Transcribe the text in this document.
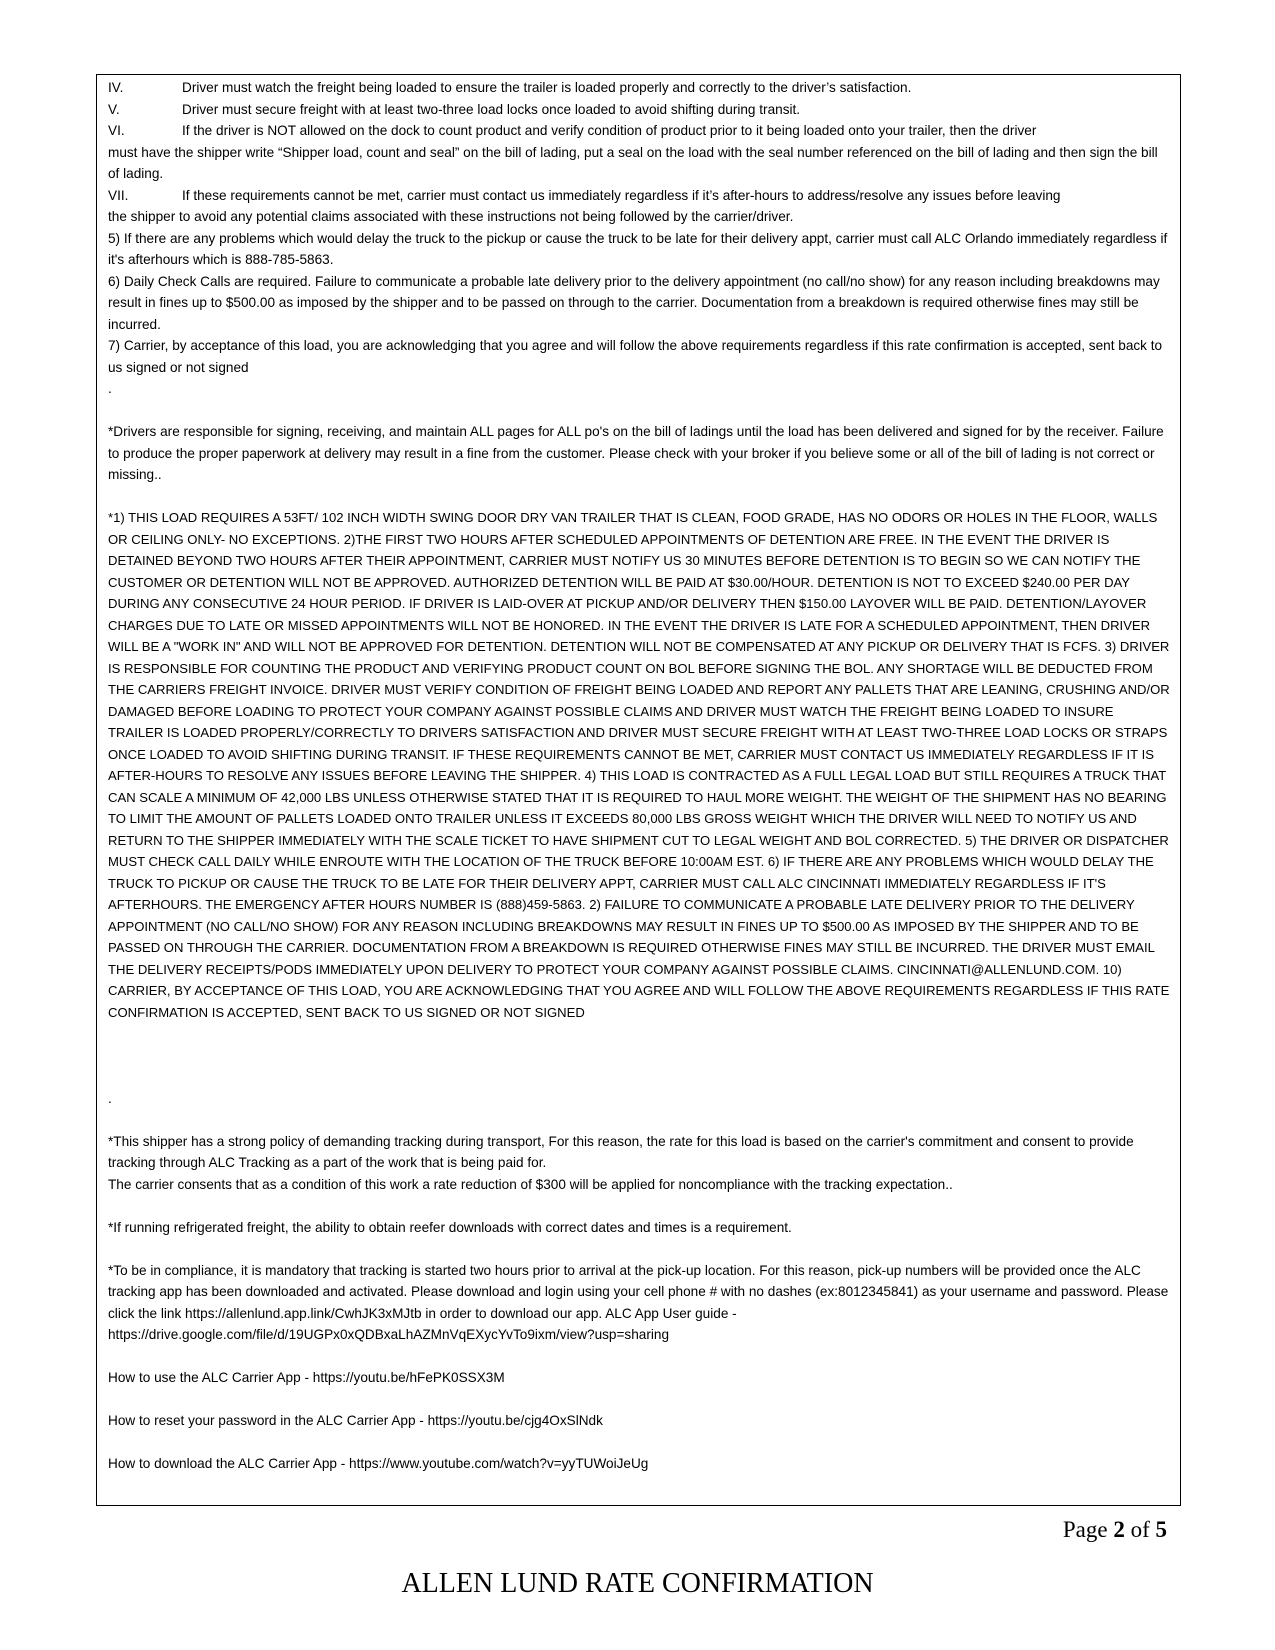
IV.	Driver must watch the freight being loaded to ensure the trailer is loaded properly and correctly to the driver’s satisfaction.
V.	Driver must secure freight with at least two-three load locks once loaded to avoid shifting during transit.
VI.	If the driver is NOT allowed on the dock to count product and verify condition of product prior to it being loaded onto your trailer, then the driver

must have the shipper write “Shipper load, count and seal” on the bill of lading, put a seal on the load with the seal number referenced on the bill of lading and then sign the bill of lading.

VII.	If these requirements cannot be met, carrier must contact us immediately regardless if it’s after-hours to address/resolve any issues before leaving

the shipper to avoid any potential claims associated with these instructions not being followed by the carrier/driver.

5) If there are any problems which would delay the truck to the pickup or cause the truck to be late for their delivery appt, carrier must call ALC Orlando immediately regardless if it's afterhours which is 888-785-5863.

6) Daily Check Calls are required. Failure to communicate a probable late delivery prior to the delivery appointment (no call/no show) for any reason including breakdowns may result in fines up to $500.00 as imposed by the shipper and to be passed on through to the carrier. Documentation from a breakdown is required otherwise fines may still be incurred.

7) Carrier, by acceptance of this load, you are acknowledging that you agree and will follow the above requirements regardless if this rate confirmation is accepted, sent back to us signed or not signed

.

*Drivers are responsible for signing, receiving, and maintain ALL pages for ALL po's on the bill of ladings until the load has been delivered and signed for by the receiver. Failure to produce the proper paperwork at delivery may result in a fine from the customer. Please check with your broker if you believe some or all of the bill of lading is not correct or missing..

*1) THIS LOAD REQUIRES A 53FT/ 102 INCH WIDTH SWING DOOR DRY VAN TRAILER THAT IS CLEAN, FOOD GRADE, HAS NO ODORS OR HOLES IN THE FLOOR, WALLS OR CEILING ONLY- NO EXCEPTIONS. 2)THE FIRST TWO HOURS AFTER SCHEDULED APPOINTMENTS OF DETENTION ARE FREE. IN THE EVENT THE DRIVER IS DETAINED BEYOND TWO HOURS AFTER THEIR APPOINTMENT, CARRIER MUST NOTIFY US 30 MINUTES BEFORE DETENTION IS TO BEGIN SO WE CAN NOTIFY THE CUSTOMER OR DETENTION WILL NOT BE APPROVED. AUTHORIZED DETENTION WILL BE PAID AT $30.00/HOUR. DETENTION IS NOT TO EXCEED $240.00 PER DAY DURING ANY CONSECUTIVE 24 HOUR PERIOD. IF DRIVER IS LAID-OVER AT PICKUP AND/OR DELIVERY THEN $150.00 LAYOVER WILL BE PAID. DETENTION/LAYOVER CHARGES DUE TO LATE OR MISSED APPOINTMENTS WILL NOT BE HONORED. IN THE EVENT THE DRIVER IS LATE FOR A SCHEDULED APPOINTMENT, THEN DRIVER WILL BE A "WORK IN" AND WILL NOT BE APPROVED FOR DETENTION. DETENTION WILL NOT BE COMPENSATED AT ANY PICKUP OR DELIVERY THAT IS FCFS. 3) DRIVER IS RESPONSIBLE FOR COUNTING THE PRODUCT AND VERIFYING PRODUCT COUNT ON BOL BEFORE SIGNING THE BOL. ANY SHORTAGE WILL BE DEDUCTED FROM THE CARRIERS FREIGHT INVOICE. DRIVER MUST VERIFY CONDITION OF FREIGHT BEING LOADED AND REPORT ANY PALLETS THAT ARE LEANING, CRUSHING AND/OR DAMAGED BEFORE LOADING TO PROTECT YOUR COMPANY AGAINST POSSIBLE CLAIMS AND DRIVER MUST WATCH THE FREIGHT BEING LOADED TO INSURE TRAILER IS LOADED PROPERLY/CORRECTLY TO DRIVERS SATISFACTION AND DRIVER MUST SECURE FREIGHT WITH AT LEAST TWO-THREE LOAD LOCKS OR STRAPS ONCE LOADED TO AVOID SHIFTING DURING TRANSIT. IF THESE REQUIREMENTS CANNOT BE MET, CARRIER MUST CONTACT US IMMEDIATELY REGARDLESS IF IT IS AFTER-HOURS TO RESOLVE ANY ISSUES BEFORE LEAVING THE SHIPPER. 4) THIS LOAD IS CONTRACTED AS A FULL LEGAL LOAD BUT STILL REQUIRES A TRUCK THAT CAN SCALE A MINIMUM OF 42,000 LBS UNLESS OTHERWISE STATED THAT IT IS REQUIRED TO HAUL MORE WEIGHT. THE WEIGHT OF THE SHIPMENT HAS NO BEARING TO LIMIT THE AMOUNT OF PALLETS LOADED ONTO TRAILER UNLESS IT EXCEEDS 80,000 LBS GROSS WEIGHT WHICH THE DRIVER WILL NEED TO NOTIFY US AND RETURN TO THE SHIPPER IMMEDIATELY WITH THE SCALE TICKET TO HAVE SHIPMENT CUT TO LEGAL WEIGHT AND BOL CORRECTED. 5) THE DRIVER OR DISPATCHER MUST CHECK CALL DAILY WHILE ENROUTE WITH THE LOCATION OF THE TRUCK BEFORE 10:00AM EST. 6) IF THERE ARE ANY PROBLEMS WHICH WOULD DELAY THE TRUCK TO PICKUP OR CAUSE THE TRUCK TO BE LATE FOR THEIR DELIVERY APPT, CARRIER MUST CALL ALC CINCINNATI IMMEDIATELY REGARDLESS IF IT'S AFTERHOURS. THE EMERGENCY AFTER HOURS NUMBER IS (888)459-5863. 2) FAILURE TO COMMUNICATE A PROBABLE LATE DELIVERY PRIOR TO THE DELIVERY APPOINTMENT (NO CALL/NO SHOW) FOR ANY REASON INCLUDING BREAKDOWNS MAY RESULT IN FINES UP TO $500.00 AS IMPOSED BY THE SHIPPER AND TO BE PASSED ON THROUGH THE CARRIER. DOCUMENTATION FROM A BREAKDOWN IS REQUIRED OTHERWISE FINES MAY STILL BE INCURRED. THE DRIVER MUST EMAIL THE DELIVERY RECEIPTS/PODS IMMEDIATELY UPON DELIVERY TO PROTECT YOUR COMPANY AGAINST POSSIBLE CLAIMS. CINCINNATI@ALLENLUND.COM. 10) CARRIER, BY ACCEPTANCE OF THIS LOAD, YOU ARE ACKNOWLEDGING THAT YOU AGREE AND WILL FOLLOW THE ABOVE REQUIREMENTS REGARDLESS IF THIS RATE CONFIRMATION IS ACCEPTED, SENT BACK TO US SIGNED OR NOT SIGNED

.

*This shipper has a strong policy of demanding tracking during transport, For this reason, the rate for this load is based on the carrier's commitment and consent to provide tracking through ALC Tracking as a part of the work that is being paid for.

The carrier consents that as a condition of this work a rate reduction of $300 will be applied for noncompliance with the tracking expectation..

*If running refrigerated freight, the ability to obtain reefer downloads with correct dates and times is a requirement.

*To be in compliance, it is mandatory that tracking is started two hours prior to arrival at the pick-up location. For this reason, pick-up numbers will be provided once the ALC tracking app has been downloaded and activated. Please download and login using your cell phone # with no dashes (ex:8012345841) as your username and password. Please click the link https://allenlund.app.link/CwhJK3xMJtb in order to download our app. ALC App User guide - https://drive.google.com/file/d/19UGPx0xQDBxaLhAZMnVqEXycYvTo9ixm/view?usp=sharing

How to use the ALC Carrier App - https://youtu.be/hFePK0SSX3M

How to reset your password in the ALC Carrier App - https://youtu.be/cjg4OxSlNdk

How to download the ALC Carrier App - https://www.youtube.com/watch?v=yyTUWoiJeUg

Page 2 of 5
ALLEN LUND RATE CONFIRMATION
